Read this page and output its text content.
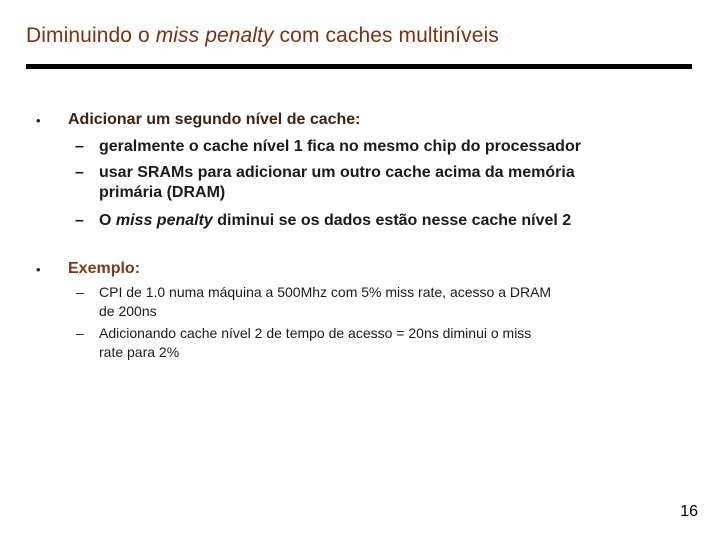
Diminuindo o miss penalty com caches multiníveis
• Adicionar um segundo nível de cache:
– geralmente o cache nível 1 fica no mesmo chip do processador
– usar SRAMs para adicionar um outro cache acima da memória
primária (DRAM)
– O miss penalty diminui se os dados estão nesse cache nível 2
• Exemplo:
– CPI de 1.0 numa máquina a 500Mhz com 5% miss rate, acesso a DRAM
de 200ns
– Adicionando cache nível 2 de tempo de acesso = 20ns diminui o miss
rate para 2%
16
